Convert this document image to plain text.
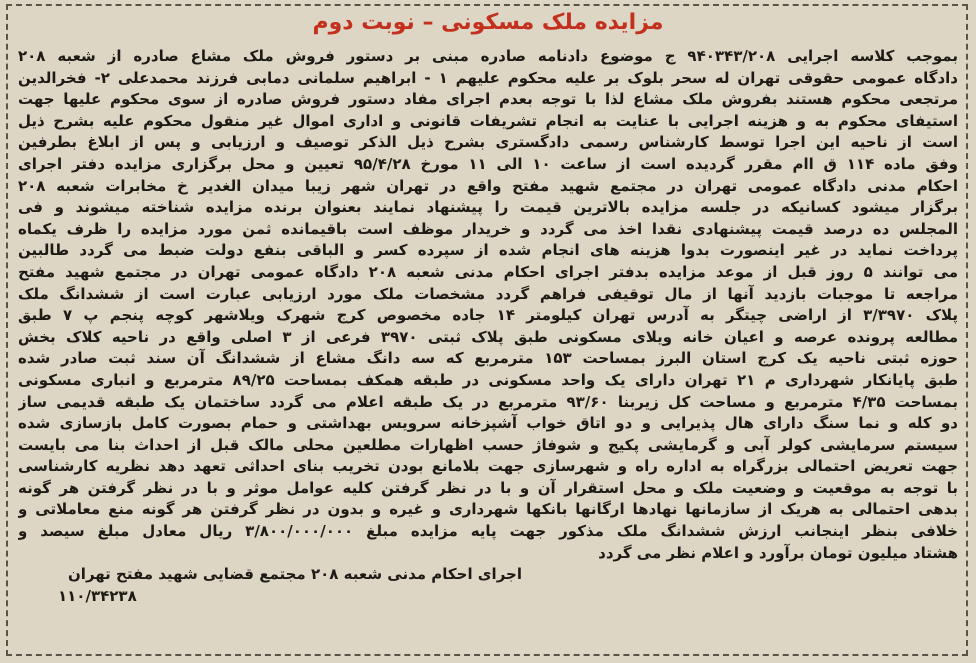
مزایده ملک مسکونی – نوبت دوم
بموجب کلاسه اجرایی ۹۴۰۳۴۳/۲۰۸ ج موضوع دادنامه صادره مبنی بر دستور فروش ملک مشاع صادره از شعبه ۲۰۸
دادگاه عمومی حقوقی تهران له سحر بلوک بر علیه محکوم علیهم ۱ - ابراهیم سلمانی دمابی فرزند محمدعلی ۲- فخرالدین
مرتجعی محکوم هستند بفروش ملک مشاع لذا با توجه بعدم اجرای مفاد دستور فروش صادره از سوی محکوم علیها جهت
استیفای محکوم به و هزینه اجرایی با عنایت به انجام تشریفات قانونی و اداری اموال غیر منقول محکوم علیه بشرح ذیل
است از ناحیه این اجرا توسط کارشناس رسمی دادگستری بشرح ذیل الذکر توصیف و ارزیابی و پس از ابلاغ بطرفین
وفق ماده ۱۱۴ ق اام مقرر گردیده است از ساعت ۱۰ الی ۱۱ مورخ ۹۵/۴/۲۸ تعیین و محل برگزاری مزایده دفتر اجرای
احکام مدنی دادگاه عمومی تهران در مجتمع شهید مفتح واقع در تهران شهر زیبا میدان الغدیر خ مخابرات شعبه ۲۰۸
برگزار میشود کسانیکه در جلسه مزایده بالاترین قیمت را پیشنهاد نمایند بعنوان برنده مزایده شناخته میشوند و فی
المجلس ده درصد قیمت پیشنهادی نقدا اخذ می گردد و خریدار موظف است باقیمانده ثمن مورد مزایده را ظرف یکماه
پرداخت نماید در غیر اینصورت بدوا هزینه های انجام شده از سپرده کسر و الباقی بنفع دولت ضبط می گردد طالبین
می توانند ۵ روز قبل از موعد مزایده بدفتر اجرای احکام مدنی شعبه ۲۰۸ دادگاه عمومی تهران در مجتمع شهید مفتح
مراجعه تا موجبات بازدید آنها از مال توقیفی فراهم گردد مشخصات ملک مورد ارزیابی عبارت است از ششدانگ ملک
پلاک ۳/۳۹۷۰ از اراضی چیتگر به آدرس تهران کیلومتر ۱۴ جاده مخصوص کرج شهرک ویلاشهر کوچه پنجم پ ۷ طبق
مطالعه پرونده عرصه و اعیان خانه ویلای مسکونی طبق پلاک ثبتی ۳۹۷۰ فرعی از ۳ اصلی واقع در ناحیه کلاک بخش
حوزه ثبتی ناحیه یک کرج استان البرز بمساحت ۱۵۳ مترمربع که سه دانگ مشاع از ششدانگ آن سند ثبت صادر شده
طبق پایانکار شهرداری م ۲۱ تهران دارای یک واحد مسکونی در طبقه همکف بمساحت ۸۹/۲۵ مترمربع و انباری مسکونی
بمساحت ۴/۳۵ مترمربع و مساحت کل زیربنا ۹۳/۶۰ مترمربع در یک طبقه اعلام می گردد ساختمان یک طبقه قدیمی ساز
دو کله و نما سنگ دارای هال پذیرایی و دو اتاق خواب آشپزخانه سرویس بهداشتی و حمام بصورت کامل بازسازی شده
سیستم سرمایشی کولر آبی و گرمایشی پکیج و شوفاژ حسب اظهارات مطلعین محلی مالک قبل از احداث بنا می بایست
جهت تعریض احتمالی بزرگراه به اداره راه و شهرسازی جهت بلامانع بودن تخریب بنای احداثی تعهد دهد نظریه کارشناسی
با توجه به موقعیت و وضعیت ملک و محل استقرار آن و با در نظر گرفتن کلیه عوامل موثر و با در نظر گرفتن هر گونه
بدهی احتمالی به هریک از سازمانها نهادها ارگانها بانکها شهرداری و غیره و بدون در نظر گرفتن هر گونه منع معاملاتی و
خلافی بنظر اینجانب ارزش ششدانگ ملک مذکور جهت پایه مزایده مبلغ ۳/۸۰۰/۰۰۰/۰۰۰ ریال معادل مبلغ سیصد و
هشتاد میلیون تومان برآورد و اعلام نظر می گردد
اجرای احکام مدنی شعبه ۲۰۸ مجتمع قضایی شهید مفتح تهران
۱۱۰/۳۴۲۳۸
